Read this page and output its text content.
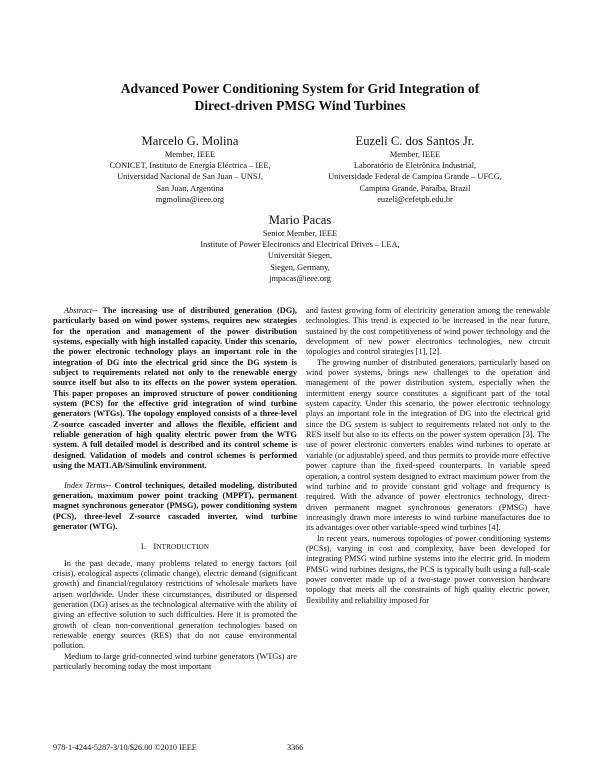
Advanced Power Conditioning System for Grid Integration of
Direct-driven PMSG Wind Turbines
Marcelo G. Molina
Member, IEEE
CONICET, Instituto de Energía Eléctrica – IEE,
Universidad Nacional de San Juan – UNSJ,
San Juan, Argentina
mgmolina@ieee.org
Euzeli C. dos Santos Jr.
Member, IEEE
Laboratório de Eletrônica Industrial,
Universidade Federal de Campina Grande – UFCG,
Campina Grande, Paraíba, Brazil
euzeli@cefetpb.edu.br
Mario Pacas
Senior Member, IEEE
Institute of Power Electronics and Electrical Drives – LEA,
Universität Siegen,
Siegen, Germany,
jmpacas@ieee.org
Abstract-- The increasing use of distributed generation (DG), particularly based on wind power systems, requires new strategies for the operation and management of the power distribution systems, especially with high installed capacity. Under this scenario, the power electronic technology plays an important role in the integration of DG into the electrical grid since the DG system is subject to requirements related not only to the renewable energy source itself but also to its effects on the power system operation. This paper proposes an improved structure of power conditioning system (PCS) for the effective grid integration of wind turbine generators (WTGs). The topology employed consists of a three-level Z-source cascaded inverter and allows the flexible, efficient and reliable generation of high quality electric power from the WTG system. A full detailed model is described and its control scheme is designed. Validation of models and control schemes is performed using the MATLAB/Simulink environment.
Index Terms-- Control techniques, detailed modeling, distributed generation, maximum power point tracking (MPPT), permanent magnet synchronous generator (PMSG), power conditioning system (PCS), three-level Z-source cascaded inverter, wind turbine generator (WTG).
I. INTRODUCTION

In the past decade, many problems related to energy factors (oil crisis), ecological aspects (climatic change), electric demand (significant growth) and financial/regulatory restrictions of wholesale markets have arisen worldwide. Under these circumstances, distributed or dispersed generation (DG) arises as the technological alternative with the ability of giving an effective solution to such difficulties. Here it is promoted the growth of clean non-conventional generation technologies based on renewable energy sources (RES) that do not cause environmental pollution.

Medium to large grid-connected wind turbine generators (WTGs) are particularly becoming today the most important

and fastest growing form of electricity generation among the renewable technologies. This trend is expected to be increased in the near future, sustained by the cost competitiveness of wind power technology and the development of new power electronics technologies, new circuit topologies and control strategies [1], [2].

The growing number of distributed generators, particularly based on wind power systems, brings new challenges to the operation and management of the power distribution system, especially when the intermittent energy source constitutes a significant part of the total system capacity. Under this scenario, the power electronic technology plays an important role in the integration of DG into the electrical grid since the DG system is subject to requirements related not only to the RES itself but also to its effects on the power system operation [3]. The use of power electronic converters enables wind turbines to operate at variable (or adjustable) speed, and thus permits to provide more effective power capture than the fixed-speed counterparts. In variable speed operation, a control system designed to extract maximum power from the wind turbine and to provide constant grid voltage and frequency is required. With the advance of power electronics technology, direct-driven permanent magnet synchronous generators (PMSG) have increasingly drawn more interests to wind turbine manufactures due to its advantages over other variable-speed wind turbines [4].

In recent years, numerous topologies of power conditioning systems (PCSs), varying in cost and complexity, have been developed for integrating PMSG wind turbine systems into the electric grid. In modern PMSG wind turbines designs, the PCS is typically built using a full-scale power converter made up of a two-stage power conversion hardware topology that meets all the constraints of high quality electric power, flexibility and reliability imposed for

978-1-4244-5287-3/10/$26.00 ©2010 IEEE	3366
